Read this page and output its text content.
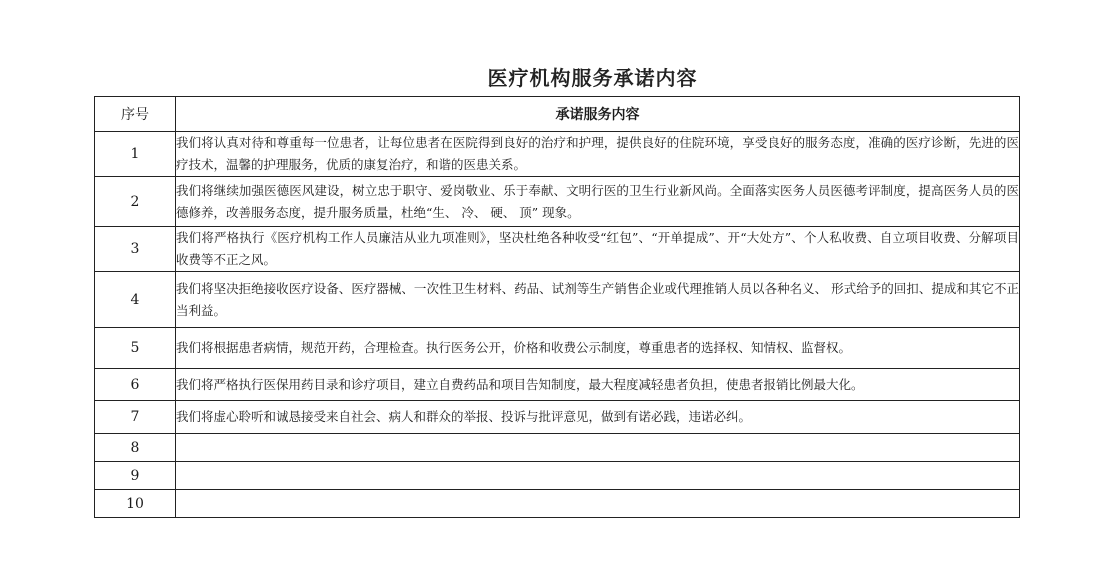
医疗机构服务承诺内容
序号	承诺服务内容
1	我们将认真对待和尊重每一位患者，让每位患者在医院得到良好的治疗和护理，提供良好的住院环境，享受良好的服务态度，准确的医疗诊断，先进的医疗技术，温馨的护理服务，优质的康复治疗，和谐的医患关系。
2	我们将继续加强医德医风建设，树立忠于职守、爱岗敬业、乐于奉献、文明行医的卫生行业新风尚。全面落实医务人员医德考评制度，提高医务人员的医德修养，改善服务态度，提升服务质量，杜绝“生、 冷、 硬、 顶” 现象。
3	我们将严格执行《医疗机构工作人员廉洁从业九项准则》，坚决杜绝各种收受“红包”、“开单提成”、开“大处方”、个人私收费、自立项目收费、分解项目收费等不正之风。
4	我们将坚决拒绝接收医疗设备、医疗器械、一次性卫生材料、药品、试剂等生产销售企业或代理推销人员以各种名义、 形式给予的回扣、提成和其它不正当利益。
5	我们将根据患者病情，规范开药，合理检查。执行医务公开，价格和收费公示制度，尊重患者的选择权、知情权、监督权。
6	我们将严格执行医保用药目录和诊疗项目，建立自费药品和项目告知制度，最大程度减轻患者负担，使患者报销比例最大化。
7	我们将虚心聆听和诚恳接受来自社会、病人和群众的举报、投诉与批评意见，做到有诺必践，违诺必纠。
8	
9	
10	
